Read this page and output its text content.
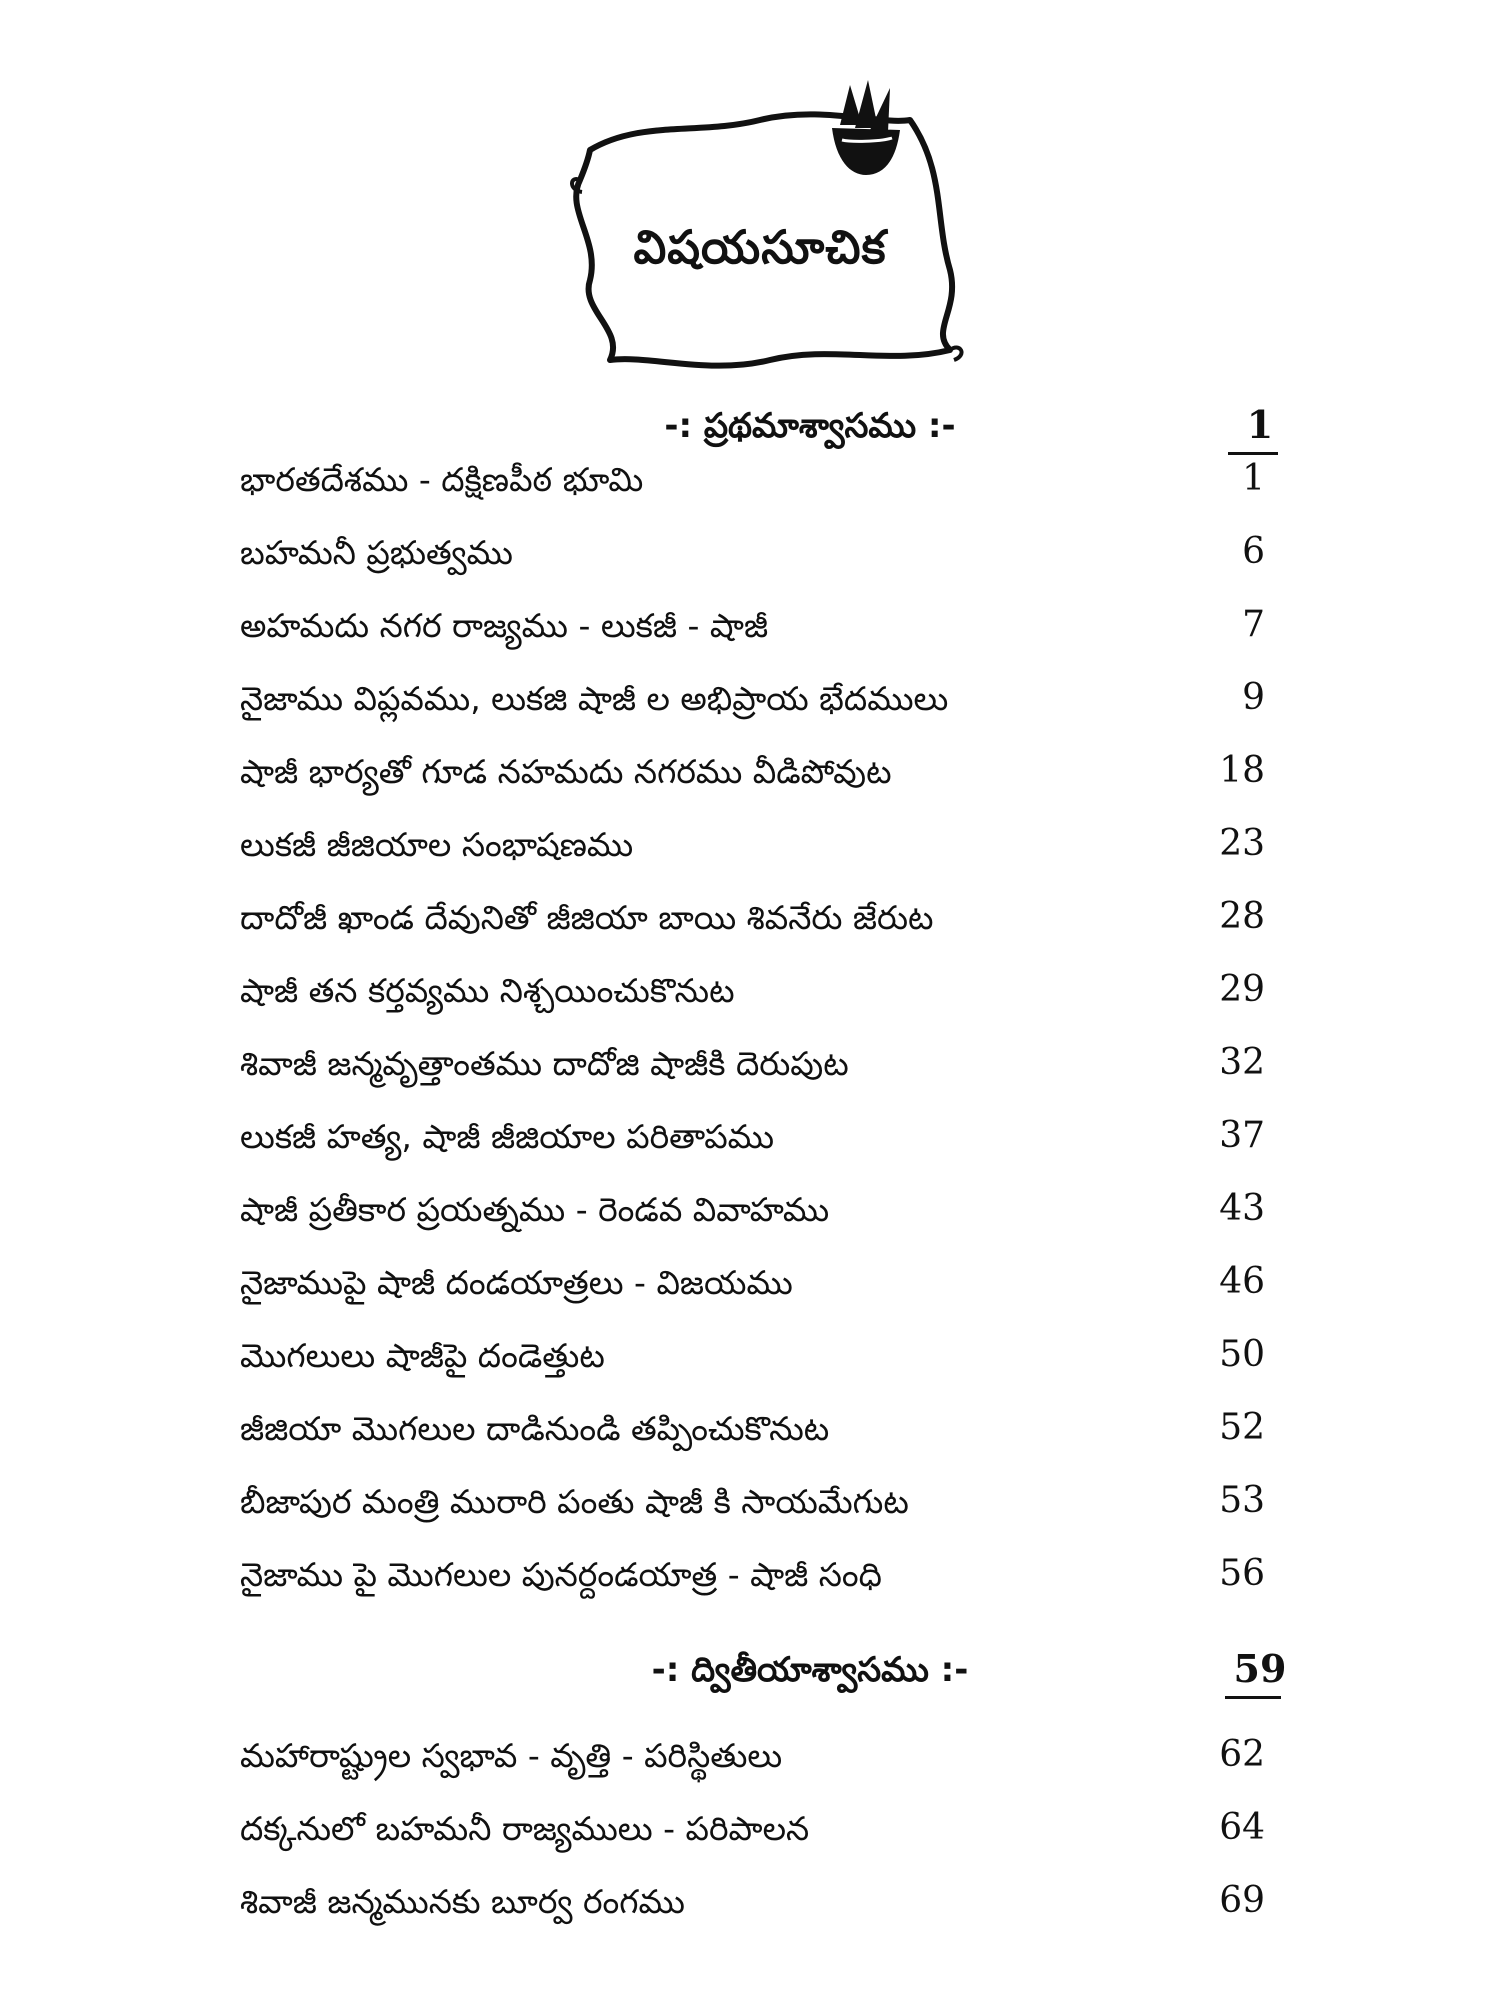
విషయసూచిక
-: ప్రథమాశ్వాసము :-	1
భారతదేశము - దక్షిణపీఠ భూమి	1
బహమనీ ప్రభుత్వము	6
అహమదు నగర రాజ్యము - లుకజీ - షాజీ	7
నైజాము విప్లవము, లుకజి షాజీ ల అభిప్రాయ భేదములు	9
షాజీ భార్యతో గూడ నహమదు నగరము వీడిపోవుట	18
లుకజీ జీజియాల సంభాషణము	23
దాదోజీ ఖాండ దేవునితో జీజియా బాయి శివనేరు జేరుట	28
షాజీ తన కర్తవ్యము నిశ్చయించుకొనుట	29
శివాజీ జన్మవృత్తాంతము దాదోజి షాజీకి దెరుపుట	32
లుకజీ హత్య, షాజీ జీజియాల పరితాపము	37
షాజీ ప్రతీకార ప్రయత్నము - రెండవ వివాహము	43
నైజాముపై షాజీ దండయాత్రలు - విజయము	46
మొగలులు షాజీపై దండెత్తుట	50
జీజియా మొగలుల దాడినుండి తప్పించుకొనుట	52
బీజాపుర మంత్రి మురారి పంతు షాజీ కి సాయమేగుట	53
నైజాము పై మొగలుల పునర్దండయాత్ర - షాజీ సంధి	56
-: ద్వితీయాశ్వాసము :-	59
మహారాష్ట్రుల స్వభావ - వృత్తి - పరిస్థితులు	62
దక్కనులో బహమనీ రాజ్యములు - పరిపాలన	64
శివాజీ జన్మమునకు బూర్వ రంగము	69
